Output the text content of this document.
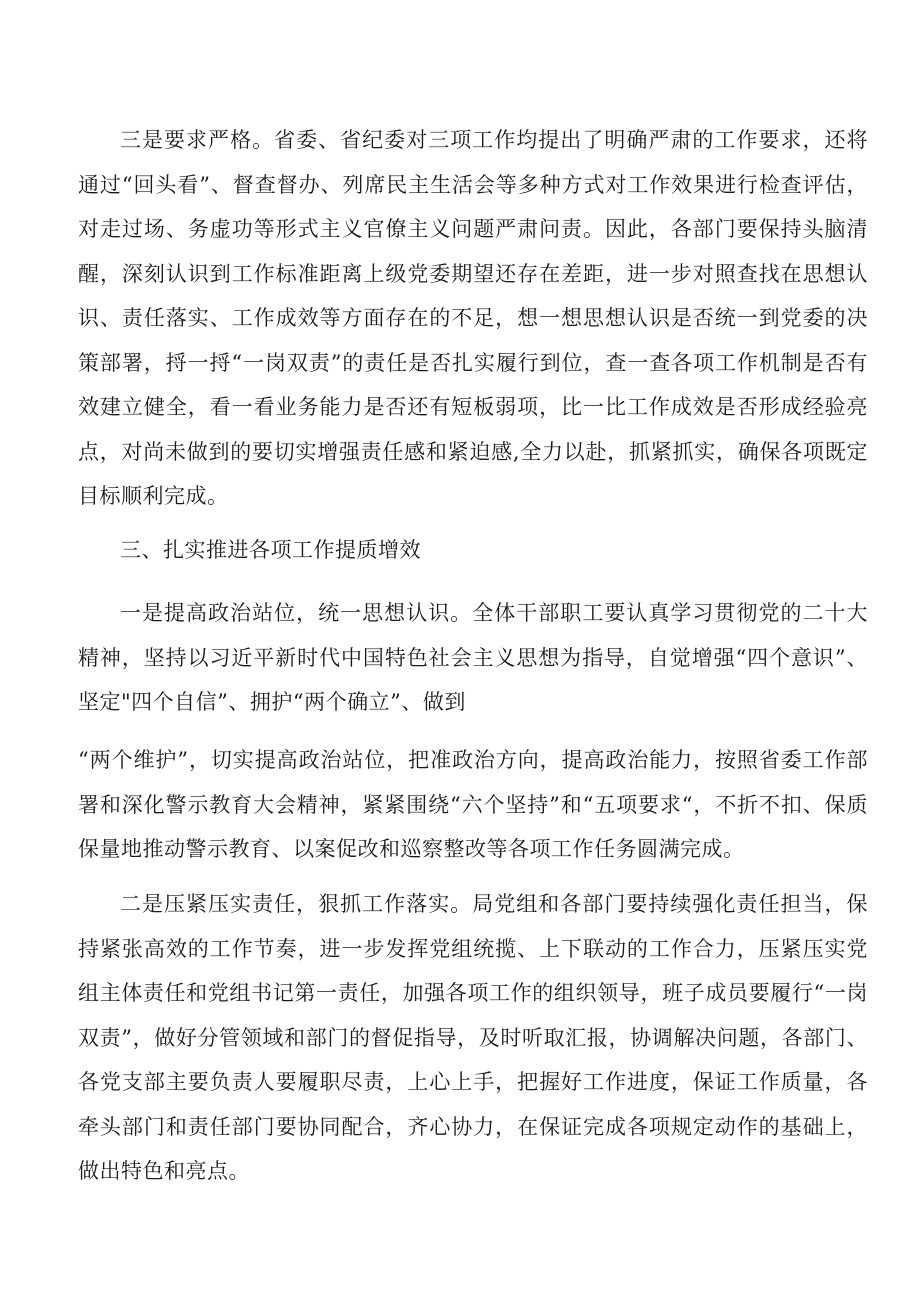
三是要求严格。省委、省纪委对三项工作均提出了明确严肃的工作要求，还将通过“回头看”、督查督办、列席民主生活会等多种方式对工作效果进行检查评估，对走过场、务虚功等形式主义官僚主义问题严肃问责。因此，各部门要保持头脑清醒，深刻认识到工作标准距离上级党委期望还存在差距，进一步对照查找在思想认识、责任落实、工作成效等方面存在的不足，想一想思想认识是否统一到党委的决策部署，捋一捋“一岗双责”的责任是否扎实履行到位，查一查各项工作机制是否有效建立健全，看一看业务能力是否还有短板弱项，比一比工作成效是否形成经验亮点，对尚未做到的要切实增强责任感和紧迫感,全力以赴，抓紧抓实，确保各项既定目标顺利完成。

三、扎实推进各项工作提质增效

一是提高政治站位，统一思想认识。全体干部职工要认真学习贯彻党的二十大精神，坚持以习近平新时代中国特色社会主义思想为指导，自觉增强“四个意识”、坚定"四个自信”、拥护“两个确立”、做到

“两个维护”，切实提高政治站位，把准政治方向，提高政治能力，按照省委工作部署和深化警示教育大会精神，紧紧围绕“六个坚持”和“五项要求“，不折不扣、保质保量地推动警示教育、以案促改和巡察整改等各项工作任务圆满完成。

二是压紧压实责任，狠抓工作落实。局党组和各部门要持续强化责任担当，保持紧张高效的工作节奏，进一步发挥党组统揽、上下联动的工作合力，压紧压实党组主体责任和党组书记第一责任，加强各项工作的组织领导，班子成员要履行“一岗双责”，做好分管领域和部门的督促指导，及时听取汇报，协调解决问题，各部门、各党支部主要负责人要履职尽责，上心上手，把握好工作进度，保证工作质量，各牵头部门和责任部门要协同配合，齐心协力，在保证完成各项规定动作的基础上，做出特色和亮点。
